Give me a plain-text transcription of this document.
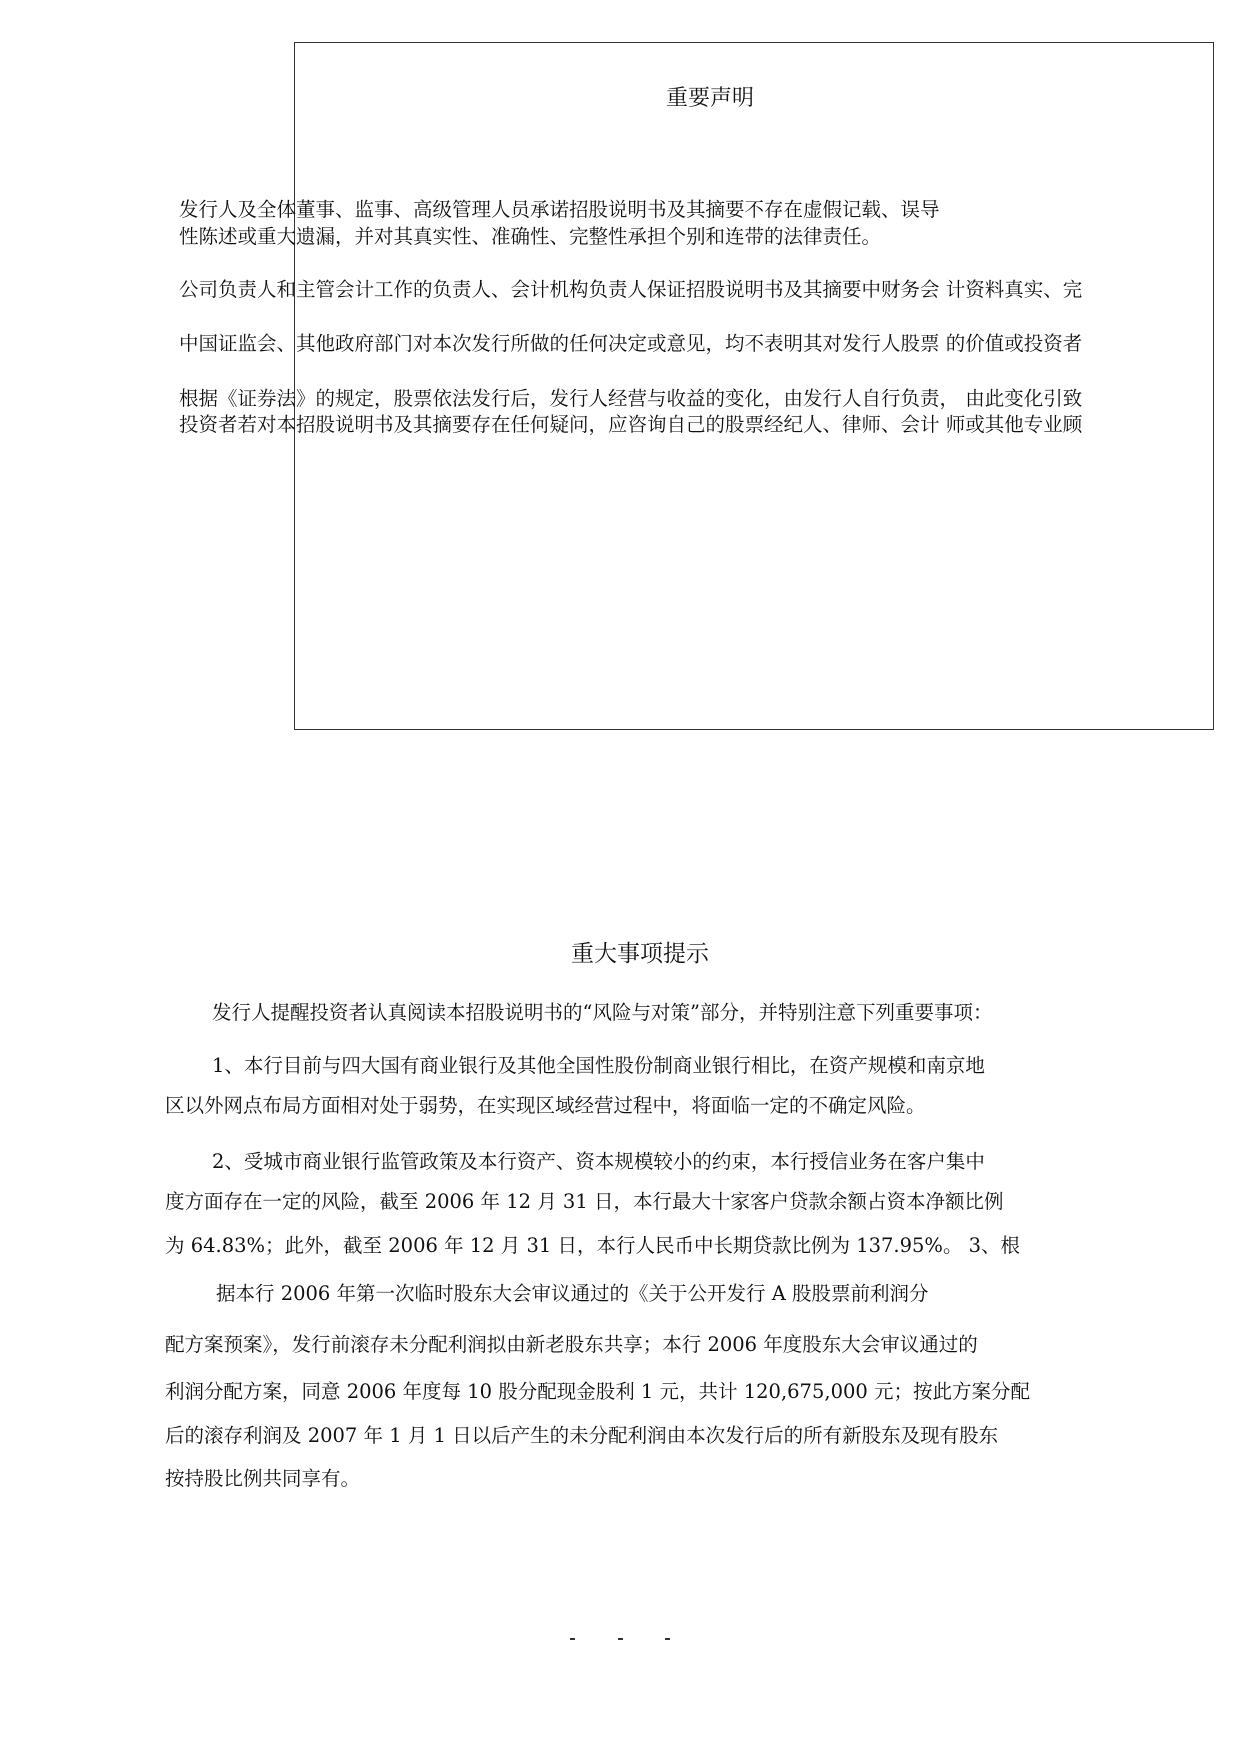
重要声明
发行人及全体董事、监事、高级管理人员承诺招股说明书及其摘要不存在虚假记载、误导
性陈述或重大遗漏，并对其真实性、准确性、完整性承担个别和连带的法律责任。
公司负责人和主管会计工作的负责人、会计机构负责人保证招股说明书及其摘要中财务会 计资料真实、完
中国证监会、其他政府部门对本次发行所做的任何决定或意见，均不表明其对发行人股票 的价值或投资者
根据《证券法》的规定，股票依法发行后，发行人经营与收益的变化，由发行人自行负责， 由此变化引致
投资者若对本招股说明书及其摘要存在任何疑问，应咨询自己的股票经纪人、律师、会计 师或其他专业顾
重大事项提示
发行人提醒投资者认真阅读本招股说明书的“风险与对策”部分，并特别注意下列重要事项：
1、本行目前与四大国有商业银行及其他全国性股份制商业银行相比，在资产规模和南京地
区以外网点布局方面相对处于弱势，在实现区域经营过程中，将面临一定的不确定风险。
2、受城市商业银行监管政策及本行资产、资本规模较小的约束，本行授信业务在客户集中
度方面存在一定的风险，截至 2006 年 12 月 31 日，本行最大十家客户贷款余额占资本净额比例
为 64.83%；此外，截至 2006 年 12 月 31 日，本行人民币中长期贷款比例为 137.95%。 3、根
据本行 2006 年第一次临时股东大会审议通过的《关于公开发行 A 股股票前利润分
配方案预案》，发行前滚存未分配利润拟由新老股东共享；本行 2006 年度股东大会审议通过的
利润分配方案，同意 2006 年度每 10 股分配现金股利 1 元，共计 120,675,000 元；按此方案分配
后的滚存利润及 2007 年 1 月 1 日以后产生的未分配利润由本次发行后的所有新股东及现有股东
按持股比例共同享有。
